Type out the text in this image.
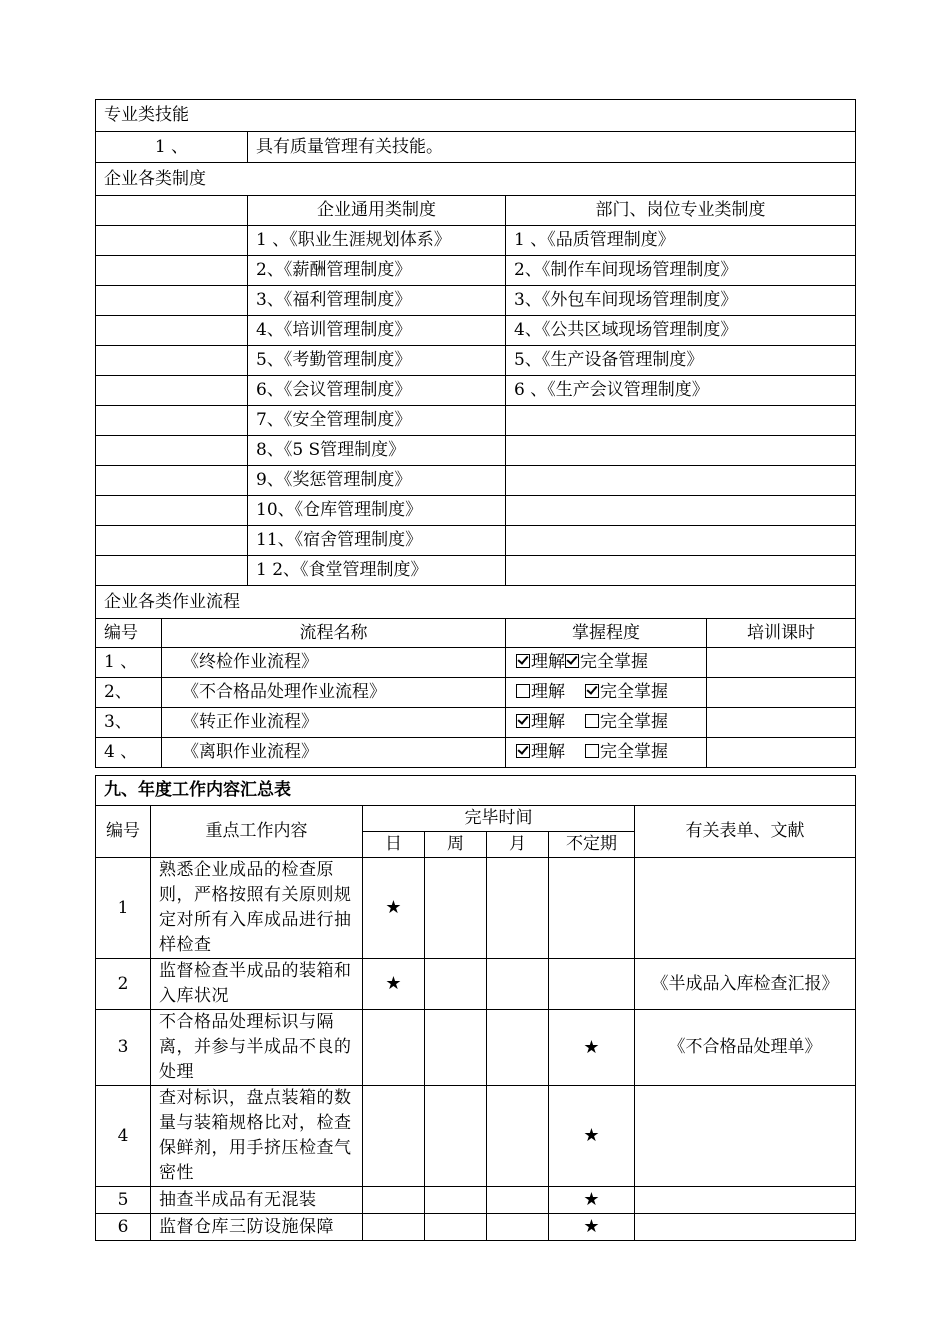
专业类技能				
1 、		具有质量管理有关技能。		
企业各类制度				
		企业通用类制度	部门、岗位专业类制度	
		1 、《职业生涯规划体系》	1 、《品质管理制度》	
		2、《薪酬管理制度》	2、《制作车间现场管理制度》	
		3、《福利管理制度》	3、《外包车间现场管理制度》	
		4、《培训管理制度》	4、《公共区域现场管理制度》	
		5、《考勤管理制度》	5、《生产设备管理制度》	
		6、《会议管理制度》	6 、《生产会议管理制度》	
		7、《安全管理制度》		
		8、《5 S管理制度》		
		9、《奖惩管理制度》		
		10、《仓库管理制度》		
		11、《宿舍管理制度》		
		1 2、《食堂管理制度》		
企业各类作业流程				
编号	流程名称		掌握程度	培训课时
1 、	《终检作业流程》		理解 完全掌握	
2、	《不合格品处理作业流程》		理解 完全掌握	
3、	《转正作业流程》		理解 完全掌握	
4 、	《离职作业流程》		理解 完全掌握	
九、年度工作内容汇总表						
编号	重点工作内容	完毕时间				有关表单、文献
		日	周	月	不定期	
1	熟悉企业成品的检查原则，严格按照有关原则规定对所有入库成品进行抽样检查	★				
2	监督检查半成品的装箱和入库状况	★				《半成品入库检查汇报》
3	不合格品处理标识与隔离，并参与半成品不良的处理				★	《不合格品处理单》
4	查对标识，盘点装箱的数量与装箱规格比对，检查保鲜剂，用手挤压检查气密性				★	
5	抽查半成品有无混装				★	
6	监督仓库三防设施保障				★	
